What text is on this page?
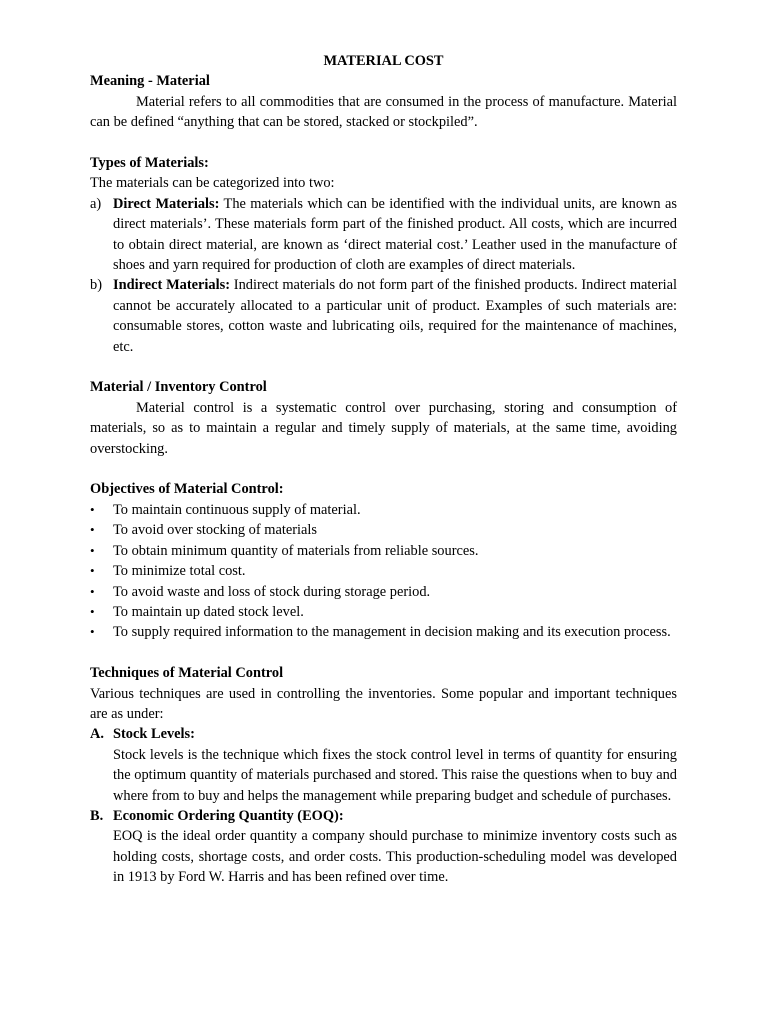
MATERIAL COST

Meaning - Material

Material refers to all commodities that are consumed in the process of manufacture. Material can be defined “anything that can be stored, stacked or stockpiled”.

Types of Materials:

The materials can be categorized into two:

a) Direct Materials: The materials which can be identified with the individual units, are known as direct materials’. These materials form part of the finished product. All costs, which are incurred to obtain direct material, are known as ‘direct material cost.’ Leather used in the manufacture of shoes and yarn required for production of cloth are examples of direct materials.
b) Indirect Materials: Indirect materials do not form part of the finished products. Indirect material cannot be accurately allocated to a particular unit of product. Examples of such materials are: consumable stores, cotton waste and lubricating oils, required for the maintenance of machines, etc.

Material / Inventory Control

Material control is a systematic control over purchasing, storing and consumption of materials, so as to maintain a regular and timely supply of materials, at the same time, avoiding overstocking.

Objectives of Material Control:

• To maintain continuous supply of material.
• To avoid over stocking of materials
• To obtain minimum quantity of materials from reliable sources.
• To minimize total cost.
• To avoid waste and loss of stock during storage period.
• To maintain up dated stock level.
• To supply required information to the management in decision making and its execution process.

Techniques of Material Control

Various techniques are used in controlling the inventories. Some popular and important techniques are as under:

A. Stock Levels:

Stock levels is the technique which fixes the stock control level in terms of quantity for ensuring the optimum quantity of materials purchased and stored. This raise the questions when to buy and where from to buy and helps the management while preparing budget and schedule of purchases.

B. Economic Ordering Quantity (EOQ):

EOQ is the ideal order quantity a company should purchase to minimize inventory costs such as holding costs, shortage costs, and order costs. This production-scheduling model was developed in 1913 by Ford W. Harris and has been refined over time.
